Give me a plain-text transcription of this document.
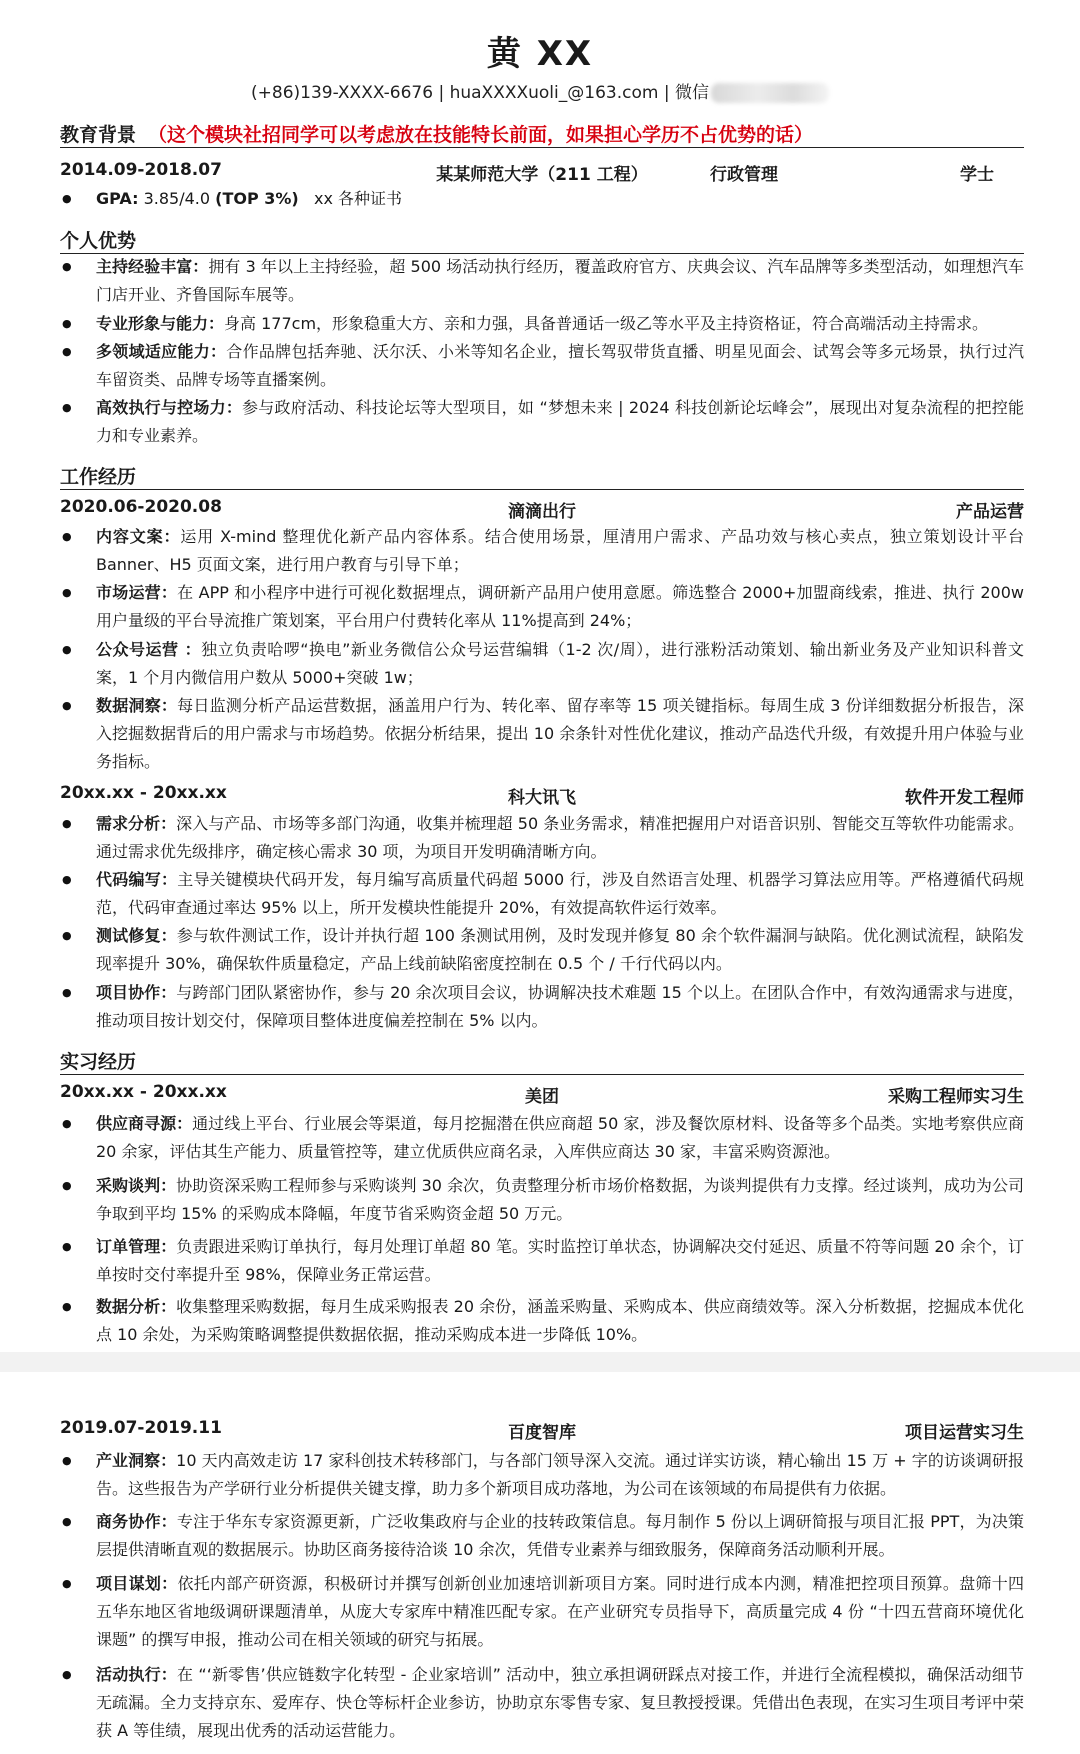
黄 XX
(+86)139-XXXX-6676 | huaXXXXuoli_@163.com | 微信
教育背景 （这个模块社招同学可以考虑放在技能特长前面，如果担心学历不占优势的话）
2014.09-2018.07	某某师范大学（211 工程）	行政管理	学士
● GPA: 3.85/4.0 (TOP 3%) xx 各种证书
个人优势
● 主持经验丰富：拥有 3 年以上主持经验，超 500 场活动执行经历，覆盖政府官方、庆典会议、汽车品牌等多类型活动，如理想汽车门店开业、齐鲁国际车展等。
● 专业形象与能力：身高 177cm，形象稳重大方、亲和力强，具备普通话一级乙等水平及主持资格证，符合高端活动主持需求。
● 多领域适应能力：合作品牌包括奔驰、沃尔沃、小米等知名企业，擅长驾驭带货直播、明星见面会、试驾会等多元场景，执行过汽车留资类、品牌专场等直播案例。
● 高效执行与控场力：参与政府活动、科技论坛等大型项目，如 “梦想未来 | 2024 科技创新论坛峰会”，展现出对复杂流程的把控能力和专业素养。
工作经历
2020.06-2020.08	滴滴出行	产品运营
● 内容文案：运用 X-mind 整理优化新产品内容体系。结合使用场景，厘清用户需求、产品功效与核心卖点，独立策划设计平台 Banner、H5 页面文案，进行用户教育与引导下单；
● 市场运营：在 APP 和小程序中进行可视化数据埋点，调研新产品用户使用意愿。筛选整合 2000+加盟商线索，推进、执行 200w 用户量级的平台导流推广策划案，平台用户付费转化率从 11%提高到 24%；
● 公众号运营 ：独立负责哈啰“换电”新业务微信公众号运营编辑（1-2 次/周），进行涨粉活动策划、输出新业务及产业知识科普文案，1 个月内微信用户数从 5000+突破 1w；
● 数据洞察：每日监测分析产品运营数据，涵盖用户行为、转化率、留存率等 15 项关键指标。每周生成 3 份详细数据分析报告，深入挖掘数据背后的用户需求与市场趋势。依据分析结果，提出 10 余条针对性优化建议，推动产品迭代升级，有效提升用户体验与业务指标。
20xx.xx - 20xx.xx	科大讯飞	软件开发工程师
● 需求分析：深入与产品、市场等多部门沟通，收集并梳理超 50 条业务需求，精准把握用户对语音识别、智能交互等软件功能需求。通过需求优先级排序，确定核心需求 30 项，为项目开发明确清晰方向。
● 代码编写：主导关键模块代码开发，每月编写高质量代码超 5000 行，涉及自然语言处理、机器学习算法应用等。严格遵循代码规范，代码审查通过率达 95% 以上，所开发模块性能提升 20%，有效提高软件运行效率。
● 测试修复：参与软件测试工作，设计并执行超 100 条测试用例，及时发现并修复 80 余个软件漏洞与缺陷。优化测试流程，缺陷发现率提升 30%，确保软件质量稳定，产品上线前缺陷密度控制在 0.5 个 / 千行代码以内。
● 项目协作：与跨部门团队紧密协作，参与 20 余次项目会议，协调解决技术难题 15 个以上。在团队合作中，有效沟通需求与进度，推动项目按计划交付，保障项目整体进度偏差控制在 5% 以内。
实习经历
20xx.xx - 20xx.xx	美团	采购工程师实习生
● 供应商寻源：通过线上平台、行业展会等渠道，每月挖掘潜在供应商超 50 家，涉及餐饮原材料、设备等多个品类。实地考察供应商 20 余家，评估其生产能力、质量管控等，建立优质供应商名录，入库供应商达 30 家，丰富采购资源池。
● 采购谈判：协助资深采购工程师参与采购谈判 30 余次，负责整理分析市场价格数据，为谈判提供有力支撑。经过谈判，成功为公司争取到平均 15% 的采购成本降幅，年度节省采购资金超 50 万元。
● 订单管理：负责跟进采购订单执行，每月处理订单超 80 笔。实时监控订单状态，协调解决交付延迟、质量不符等问题 20 余个，订单按时交付率提升至 98%，保障业务正常运营。
● 数据分析：收集整理采购数据，每月生成采购报表 20 余份，涵盖采购量、采购成本、供应商绩效等。深入分析数据，挖掘成本优化点 10 余处，为采购策略调整提供数据依据，推动采购成本进一步降低 10%。
2019.07-2019.11	百度智库	项目运营实习生
● 产业洞察：10 天内高效走访 17 家科创技术转移部门，与各部门领导深入交流。通过详实访谈，精心输出 15 万 + 字的访谈调研报告。这些报告为产学研行业分析提供关键支撑，助力多个新项目成功落地，为公司在该领域的布局提供有力依据。
● 商务协作：专注于华东专家资源更新，广泛收集政府与企业的技转政策信息。每月制作 5 份以上调研简报与项目汇报 PPT，为决策层提供清晰直观的数据展示。协助区商务接待洽谈 10 余次，凭借专业素养与细致服务，保障商务活动顺利开展。
● 项目谋划：依托内部产研资源，积极研讨并撰写创新创业加速培训新项目方案。同时进行成本内测，精准把控项目预算。盘筛十四五华东地区省地级调研课题清单，从庞大专家库中精准匹配专家。在产业研究专员指导下，高质量完成 4 份 “十四五营商环境优化课题” 的撰写申报，推动公司在相关领域的研究与拓展。
● 活动执行：在 “‘新零售’供应链数字化转型 - 企业家培训” 活动中，独立承担调研踩点对接工作，并进行全流程模拟，确保活动细节无疏漏。全力支持京东、爱库存、快仓等标杆企业参访，协助京东零售专家、复旦教授授课。凭借出色表现，在实习生项目考评中荣获 A 等佳绩，展现出优秀的活动运营能力。
